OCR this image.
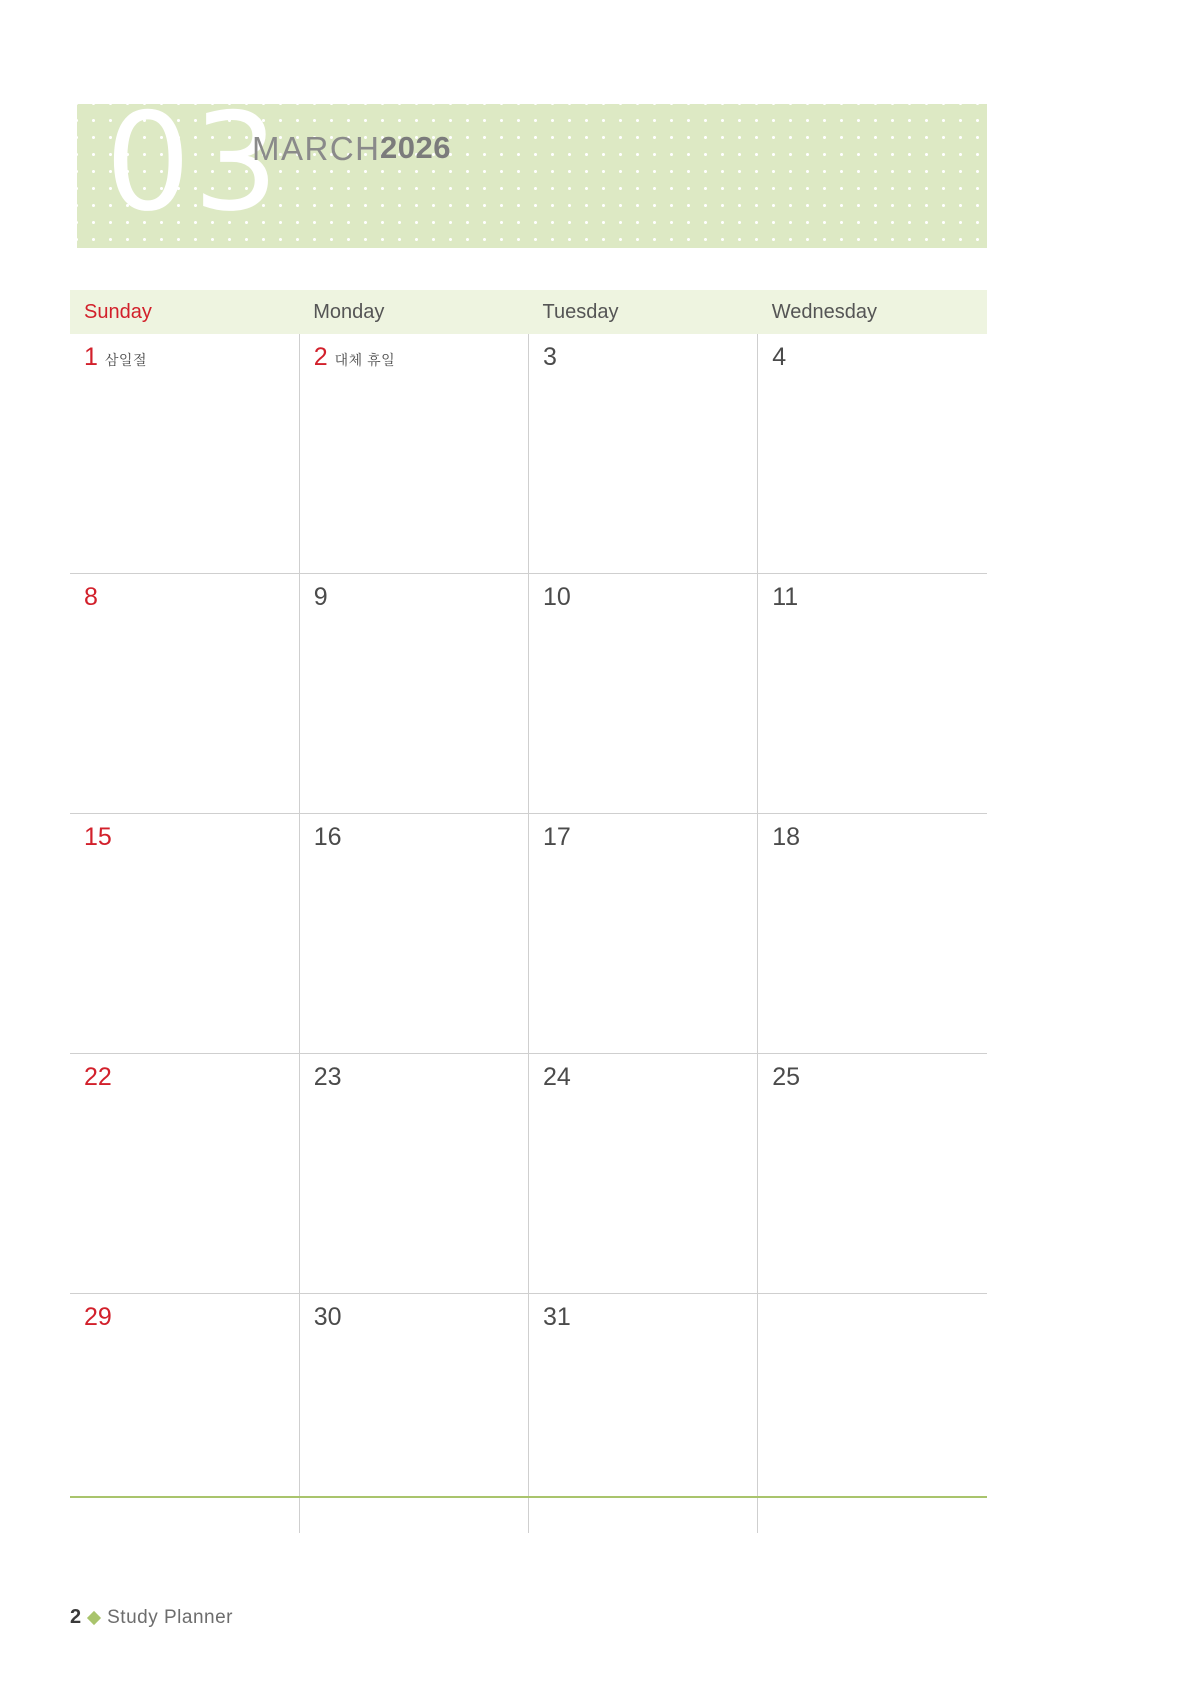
03
MARCH 2026
Sunday	Monday	Tuesday	Wednesday

1 삼일절	2 대체 휴일	3	4

8	9	10	11

15	16	17	18

22	23	24	25

29	30	31	

2 Study Planner
